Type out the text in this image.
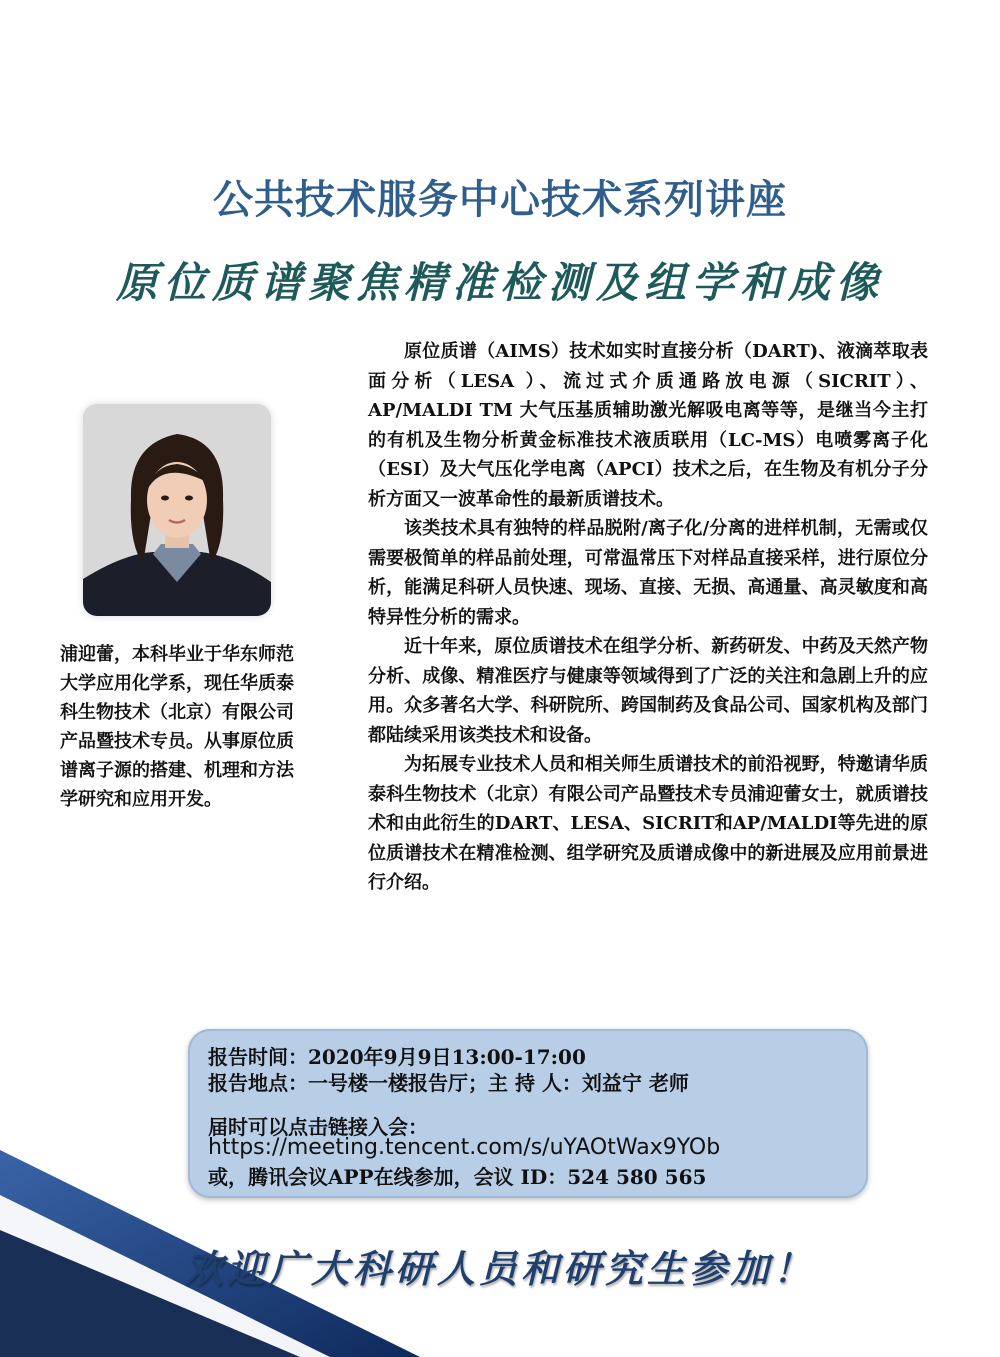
公共技术服务中心技术系列讲座
原位质谱聚焦精准检测及组学和成像
浦迎蕾，本科毕业于华东师范大学应用化学系，现任华质泰科生物技术（北京）有限公司产品暨技术专员。从事原位质谱离子源的搭建、机理和方法学研究和应用开发。

原位质谱（AIMS）技术如实时直接分析（DART)、液滴萃取表面分析（LESA ）、流过式介质通路放电源（SICRIT）、AP/MALDI TM 大气压基质辅助激光解吸电离等等，是继当今主打的有机及生物分析黄金标准技术液质联用（LC-MS）电喷雾离子化（ESI）及大气压化学电离（APCI）技术之后，在生物及有机分子分析方面又一波革命性的最新质谱技术。

该类技术具有独特的样品脱附/离子化/分离的进样机制，无需或仅需要极简单的样品前处理，可常温常压下对样品直接采样，进行原位分析，能满足科研人员快速、现场、直接、无损、高通量、高灵敏度和高特异性分析的需求。

近十年来，原位质谱技术在组学分析、新药研发、中药及天然产物分析、成像、精准医疗与健康等领域得到了广泛的关注和急剧上升的应用。众多著名大学、科研院所、跨国制药及食品公司、国家机构及部门都陆续采用该类技术和设备。

为拓展专业技术人员和相关师生质谱技术的前沿视野，特邀请华质泰科生物技术（北京）有限公司产品暨技术专员浦迎蕾女士，就质谱技术和由此衍生的DART、LESA、SICRIT和AP/MALDI等先进的原位质谱技术在精准检测、组学研究及质谱成像中的新进展及应用前景进行介绍。

报告时间：2020年9月9日13:00-17:00
报告地点：一号楼一楼报告厅；主 持 人：刘益宁 老师
届时可以点击链接入会：
https://meeting.tencent.com/s/uYAOtWax9YOb
或，腾讯会议APP在线参加，会议 ID：524 580 565
欢迎广大科研人员和研究生参加！
